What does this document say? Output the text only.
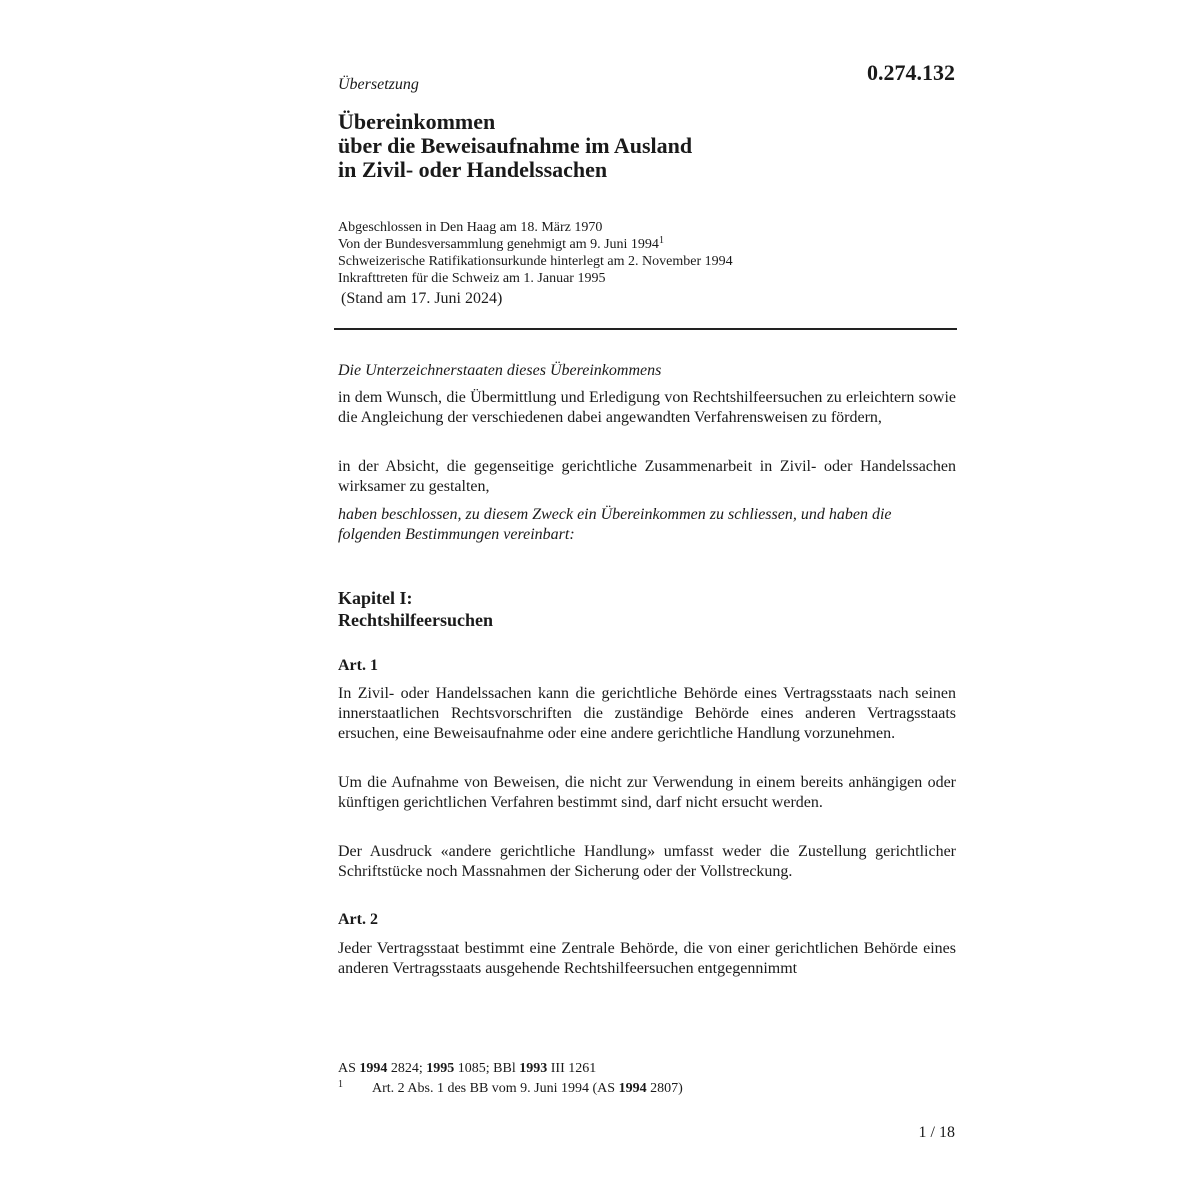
0.274.132
Übersetzung
Übereinkommen
über die Beweisaufnahme im Ausland
in Zivil- oder Handelssachen
Abgeschlossen in Den Haag am 18. März 1970
Von der Bundesversammlung genehmigt am 9. Juni 1994$^1$
Schweizerische Ratifikationsurkunde hinterlegt am 2. November 1994
Inkrafttreten für die Schweiz am 1. Januar 1995
(Stand am 17. Juni 2024)

Die Unterzeichnerstaaten dieses Übereinkommens

in dem Wunsch, die Übermittlung und Erledigung von Rechtshilfeersuchen zu erleichtern sowie die Angleichung der verschiedenen dabei angewandten Verfahrensweisen zu fördern,

in der Absicht, die gegenseitige gerichtliche Zusammenarbeit in Zivil- oder Handelssachen wirksamer zu gestalten,

haben beschlossen, zu diesem Zweck ein Übereinkommen zu schliessen, und haben die folgenden Bestimmungen vereinbart:

Kapitel I:
Rechtshilfeersuchen
Art. 1

In Zivil- oder Handelssachen kann die gerichtliche Behörde eines Vertragsstaats nach seinen innerstaatlichen Rechtsvorschriften die zuständige Behörde eines anderen Vertragsstaats ersuchen, eine Beweisaufnahme oder eine andere gerichtliche Handlung vorzunehmen.

Um die Aufnahme von Beweisen, die nicht zur Verwendung in einem bereits anhängigen oder künftigen gerichtlichen Verfahren bestimmt sind, darf nicht ersucht werden.

Der Ausdruck «andere gerichtliche Handlung» umfasst weder die Zustellung gerichtlicher Schriftstücke noch Massnahmen der Sicherung oder der Vollstreckung.

Art. 2

Jeder Vertragsstaat bestimmt eine Zentrale Behörde, die von einer gerichtlichen Behörde eines anderen Vertragsstaats ausgehende Rechtshilfeersuchen entgegennimmt

AS 1994 2824; 1995 1085; BBl 1993 III 1261
1 Art. 2 Abs. 1 des BB vom 9. Juni 1994 (AS 1994 2807)
1 / 18
